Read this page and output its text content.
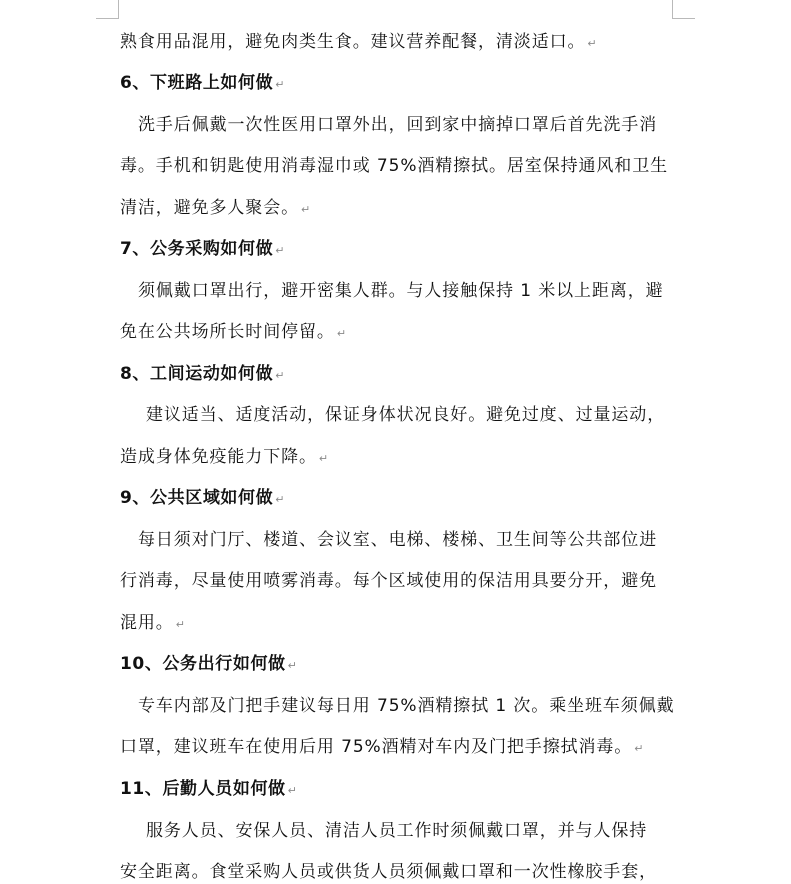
熟食用品混用，避免肉类生食。建议营养配餐，清淡适口。 ↵
6、下班路上如何做 ↵
洗手后佩戴一次性医用口罩外出，回到家中摘掉口罩后首先洗手消
毒。手机和钥匙使用消毒湿巾或 75%酒精擦拭。居室保持通风和卫生
清洁，避免多人聚会。 ↵
7、公务采购如何做 ↵
须佩戴口罩出行，避开密集人群。与人接触保持 1 米以上距离，避
免在公共场所长时间停留。 ↵
8、工间运动如何做 ↵
建议适当、适度活动，保证身体状况良好。避免过度、过量运动，
造成身体免疫能力下降。 ↵
9、公共区域如何做 ↵
每日须对门厅、楼道、会议室、电梯、楼梯、卫生间等公共部位进
行消毒，尽量使用喷雾消毒。每个区域使用的保洁用具要分开，避免
混用。 ↵
10、公务出行如何做 ↵
专车内部及门把手建议每日用 75%酒精擦拭 1 次。乘坐班车须佩戴
口罩，建议班车在使用后用 75%酒精对车内及门把手擦拭消毒。 ↵
11、后勤人员如何做 ↵
服务人员、安保人员、清洁人员工作时须佩戴口罩，并与人保持
安全距离。食堂采购人员或供货人员须佩戴口罩和一次性橡胶手套，
